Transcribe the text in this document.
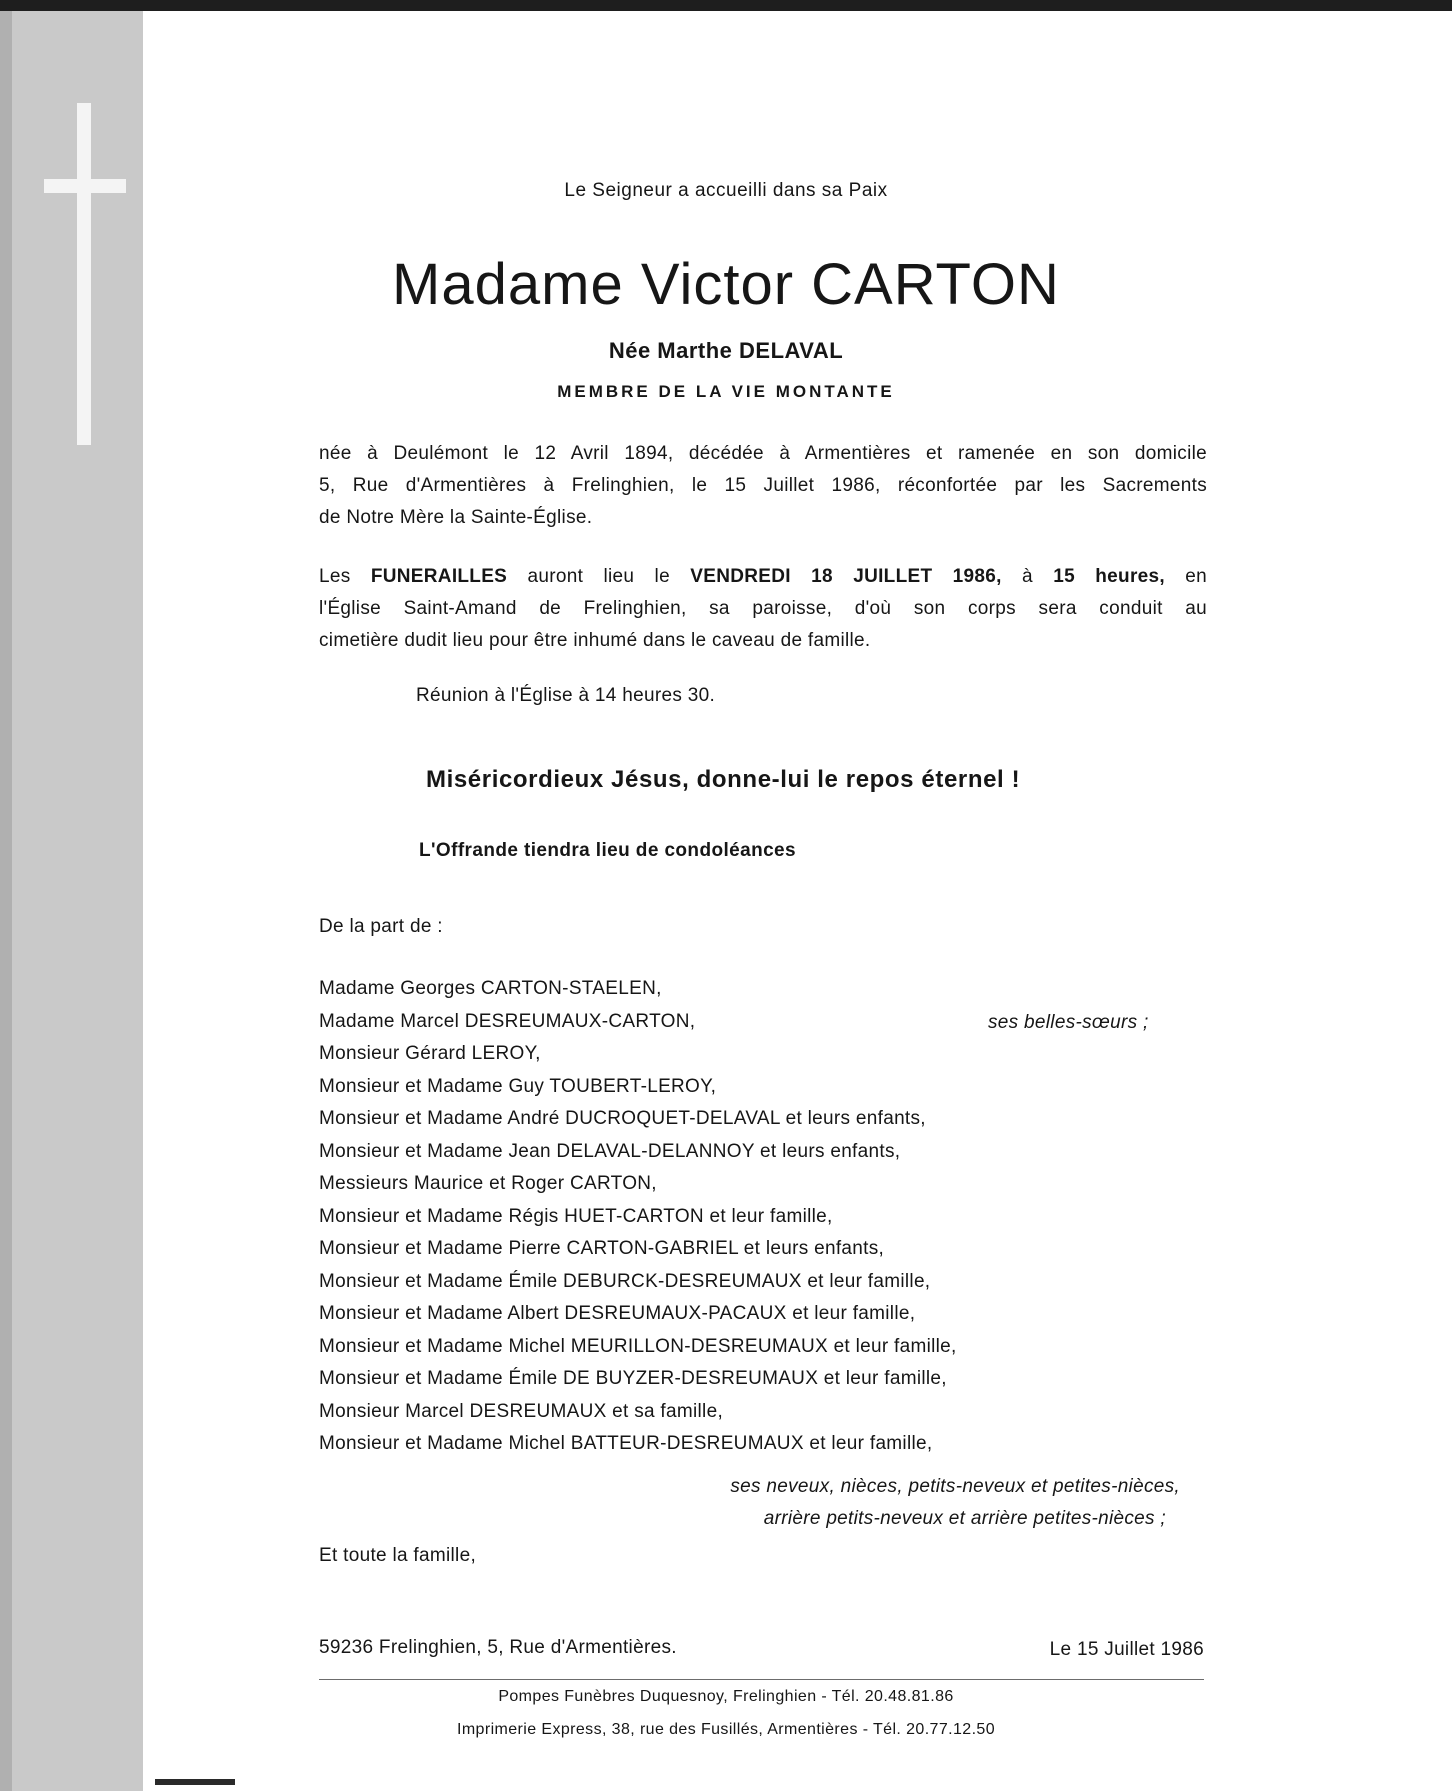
Le Seigneur a accueilli dans sa Paix
Madame Victor CARTON
Née Marthe DELAVAL
MEMBRE DE LA VIE MONTANTE
née à Deulémont le 12 Avril 1894, décédée à Armentières et ramenée en son domicile
5, Rue d'Armentières à Frelinghien, le 15 Juillet 1986, réconfortée par les Sacrements
de Notre Mère la Sainte-Église.
Les FUNERAILLES auront lieu le VENDREDI 18 JUILLET 1986, à 15 heures, en
l'Église Saint-Amand de Frelinghien, sa paroisse, d'où son corps sera conduit au
cimetière dudit lieu pour être inhumé dans le caveau de famille.
Réunion à l'Église à 14 heures 30.
Miséricordieux Jésus, donne-lui le repos éternel !
L'Offrande tiendra lieu de condoléances
De la part de :
Madame Georges CARTON-STAELEN,
Madame Marcel DESREUMAUX-CARTON,
Monsieur Gérard LEROY,
Monsieur et Madame Guy TOUBERT-LEROY,
Monsieur et Madame André DUCROQUET-DELAVAL et leurs enfants,
Monsieur et Madame Jean DELAVAL-DELANNOY et leurs enfants,
Messieurs Maurice et Roger CARTON,
Monsieur et Madame Régis HUET-CARTON et leur famille,
Monsieur et Madame Pierre CARTON-GABRIEL et leurs enfants,
Monsieur et Madame Émile DEBURCK-DESREUMAUX et leur famille,
Monsieur et Madame Albert DESREUMAUX-PACAUX et leur famille,
Monsieur et Madame Michel MEURILLON-DESREUMAUX et leur famille,
Monsieur et Madame Émile DE BUYZER-DESREUMAUX et leur famille,
Monsieur Marcel DESREUMAUX et sa famille,
Monsieur et Madame Michel BATTEUR-DESREUMAUX et leur famille,
ses belles-sœurs ;
ses neveux, nièces, petits-neveux et petites-nièces,
arrière petits-neveux et arrière petites-nièces ;
Et toute la famille,
59236 Frelinghien, 5, Rue d'Armentières.	Le 15 Juillet 1986
Pompes Funèbres Duquesnoy, Frelinghien - Tél. 20.48.81.86
Imprimerie Express, 38, rue des Fusillés, Armentières - Tél. 20.77.12.50
